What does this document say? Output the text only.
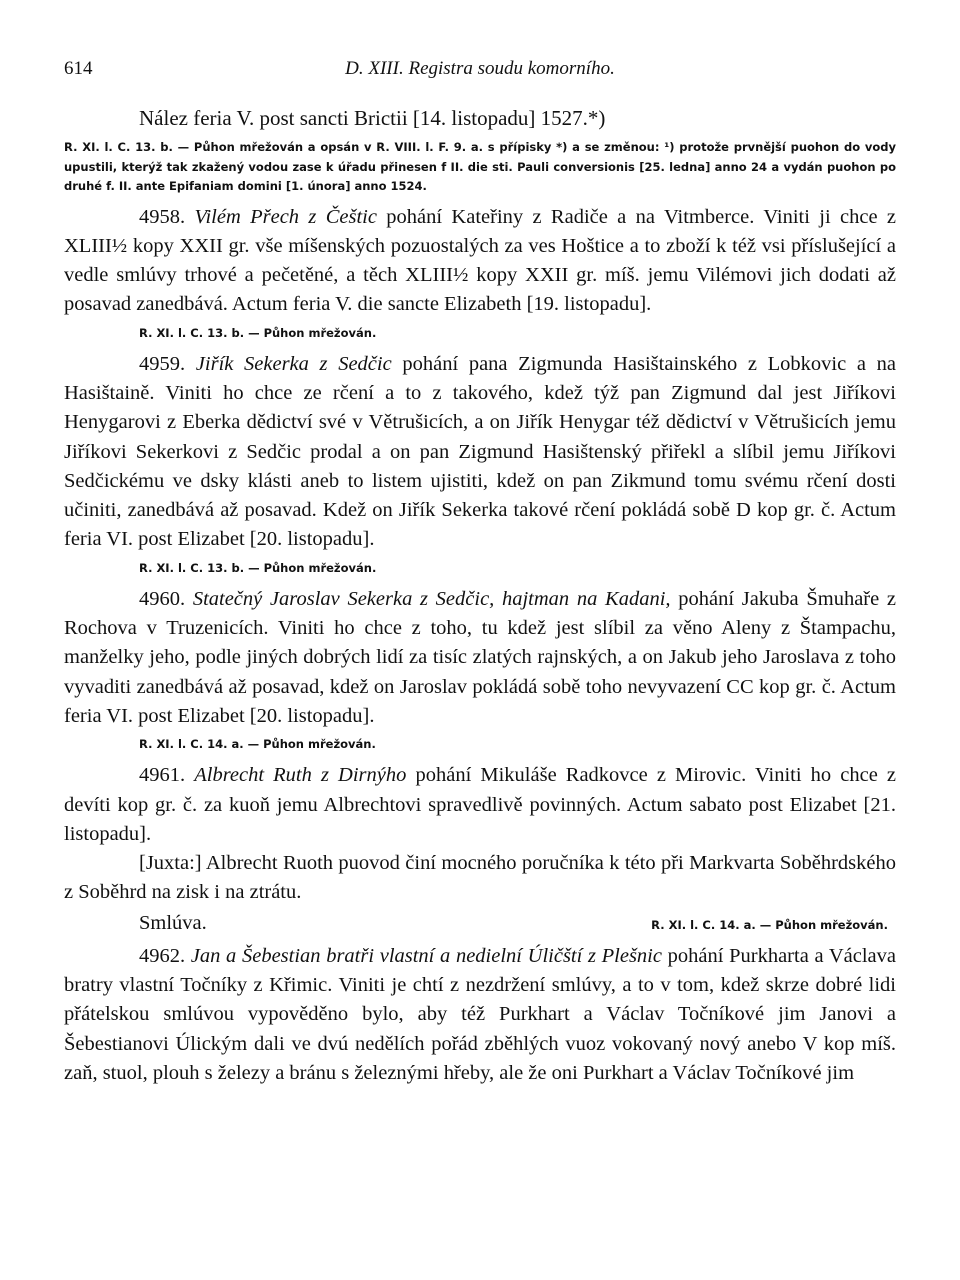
614	D. XIII. Registra soudu komorního.

Nález feria V. post sancti Brictii [14. listopadu] 1527.*)

R. XI. l. C. 13. b. — Půhon mřežován a opsán v R. VIII. l. F. 9. a. s přípisky *) a se změnou: ¹) protože prvnější puohon do vody upustili, kterýž tak zkažený vodou zase k úřadu přinesen f II. die sti. Pauli conversionis [25. ledna] anno 24 a vydán puohon po druhé f. II. ante Epifaniam domini [1. února] anno 1524.

4958. Vilém Přech z Češtic pohání Kateřiny z Radiče a na Vitmberce. Viniti ji chce z XLIII½ kopy XXII gr. vše míšenských pozuostalých za ves Hoštice a to zboží k též vsi příslušející a vedle smlúvy trhové a pečetěné, a těch XLIII½ kopy XXII gr. míš. jemu Vilémovi jich dodati až posavad zanedbává. Actum feria V. die sancte Elizabeth [19. listopadu].

R. XI. l. C. 13. b. — Půhon mřežován.

4959. Jiřík Sekerka z Sedčic pohání pana Zigmunda Hasištainského z Lobkovic a na Hasištaině. Viniti ho chce ze rčení a to z takového, kdež týž pan Zigmund dal jest Jiříkovi Henygarovi z Eberka dědictví své v Větrušicích, a on Jiřík Henygar též dědictví v Větrušicích jemu Jiříkovi Sekerkovi z Sedčic prodal a on pan Zigmund Hasištenský přiřekl a slíbil jemu Jiříkovi Sedčickému ve dsky klásti aneb to listem ujistiti, kdež on pan Zikmund tomu svému rčení dosti učiniti, zanedbává až posavad. Kdež on Jiřík Sekerka takové rčení pokládá sobě D kop gr. č. Actum feria VI. post Elizabet [20. listopadu].

R. XI. l. C. 13. b. — Půhon mřežován.

4960. Statečný Jaroslav Sekerka z Sedčic, hajtman na Kadani, pohání Jakuba Šmuhaře z Rochova v Truzenicích. Viniti ho chce z toho, tu kdež jest slíbil za věno Aleny z Štampachu, manželky jeho, podle jiných dobrých lidí za tisíc zlatých rajnských, a on Jakub jeho Jaroslava z toho vyvaditi zanedbává až posavad, kdež on Jaroslav pokládá sobě toho nevyvazení CC kop gr. č. Actum feria VI. post Elizabet [20. listopadu].

R. XI. l. C. 14. a. — Půhon mřežován.

4961. Albrecht Ruth z Dirnýho pohání Mikuláše Radkovce z Mirovic. Viniti ho chce z devíti kop gr. č. za kuoň jemu Albrechtovi spravedlivě povinných. Actum sabato post Elizabet [21. listopadu].

[Juxta:] Albrecht Ruoth puovod činí mocného poručníka k této při Markvarta Soběhrdského z Soběhrd na zisk i na ztrátu.

Smlúva.	R. XI. l. C. 14. a. — Půhon mřežován.

4962. Jan a Šebestian bratři vlastní a nedielní Úličští z Plešnic pohání Purkharta a Václava bratry vlastní Točníky z Křimic. Viniti je chtí z nezdržení smlúvy, a to v tom, kdež skrze dobré lidi přátelskou smlúvou vypověděno bylo, aby též Purkhart a Václav Točníkové jim Janovi a Šebestianovi Úlickým dali ve dvú nedělích pořád zběhlých vuoz vokovaný nový anebo V kop míš. zaň, stuol, plouh s železy a bránu s železnými hřeby, ale že oni Purkhart a Václav Točníkové jim
